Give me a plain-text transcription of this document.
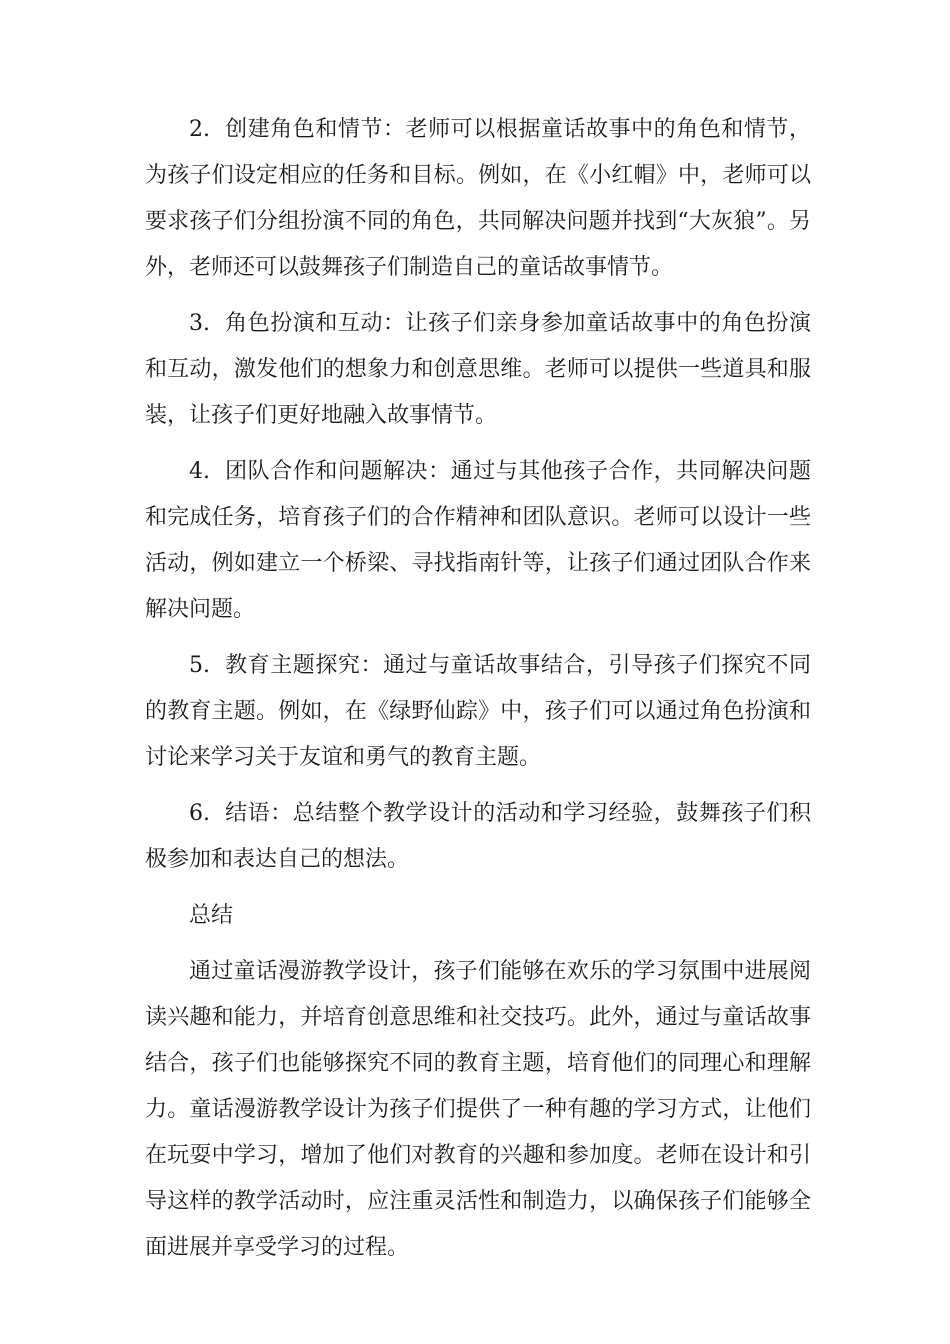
2. 创建角色和情节：老师可以根据童话故事中的角色和情节，为孩子们设定相应的任务和目标。例如，在《小红帽》中，老师可以要求孩子们分组扮演不同的角色，共同解决问题并找到“大灰狼”。另外，老师还可以鼓舞孩子们制造自己的童话故事情节。

3. 角色扮演和互动：让孩子们亲身参加童话故事中的角色扮演和互动，激发他们的想象力和创意思维。老师可以提供一些道具和服装，让孩子们更好地融入故事情节。

4. 团队合作和问题解决：通过与其他孩子合作，共同解决问题和完成任务，培育孩子们的合作精神和团队意识。老师可以设计一些活动，例如建立一个桥梁、寻找指南针等，让孩子们通过团队合作来解决问题。

5. 教育主题探究：通过与童话故事结合，引导孩子们探究不同的教育主题。例如，在《绿野仙踪》中，孩子们可以通过角色扮演和讨论来学习关于友谊和勇气的教育主题。

6. 结语：总结整个教学设计的活动和学习经验，鼓舞孩子们积极参加和表达自己的想法。

总结

通过童话漫游教学设计，孩子们能够在欢乐的学习氛围中进展阅读兴趣和能力，并培育创意思维和社交技巧。此外，通过与童话故事结合，孩子们也能够探究不同的教育主题，培育他们的同理心和理解力。童话漫游教学设计为孩子们提供了一种有趣的学习方式，让他们在玩耍中学习，增加了他们对教育的兴趣和参加度。老师在设计和引导这样的教学活动时，应注重灵活性和制造力，以确保孩子们能够全面进展并享受学习的过程。
